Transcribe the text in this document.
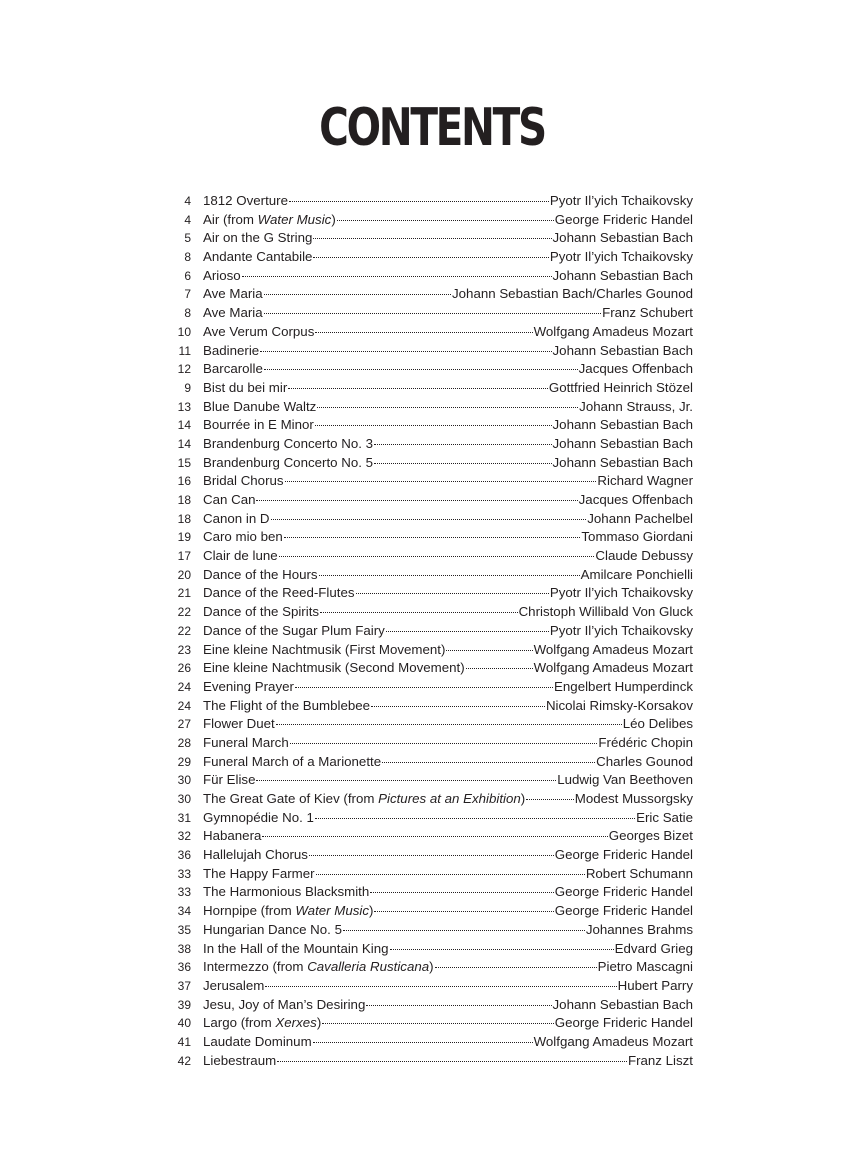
CONTENTS
4 1812 Overture	Pyotr Il’yich Tchaikovsky
4 Air (from Water Music)	George Frideric Handel
5 Air on the G String	Johann Sebastian Bach
8 Andante Cantabile	Pyotr Il’yich Tchaikovsky
6 Arioso	Johann Sebastian Bach
7 Ave Maria	Johann Sebastian Bach/Charles Gounod
8 Ave Maria	Franz Schubert
10 Ave Verum Corpus	Wolfgang Amadeus Mozart
11 Badinerie	Johann Sebastian Bach
12 Barcarolle	Jacques Offenbach
9 Bist du bei mir	Gottfried Heinrich Stözel
13 Blue Danube Waltz	Johann Strauss, Jr.
14 Bourrée in E Minor	Johann Sebastian Bach
14 Brandenburg Concerto No. 3	Johann Sebastian Bach
15 Brandenburg Concerto No. 5	Johann Sebastian Bach
16 Bridal Chorus	Richard Wagner
18 Can Can	Jacques Offenbach
18 Canon in D	Johann Pachelbel
19 Caro mio ben	Tommaso Giordani
17 Clair de lune	Claude Debussy
20 Dance of the Hours	Amilcare Ponchielli
21 Dance of the Reed-Flutes	Pyotr Il’yich Tchaikovsky
22 Dance of the Spirits	Christoph Willibald Von Gluck
22 Dance of the Sugar Plum Fairy	Pyotr Il’yich Tchaikovsky
23 Eine kleine Nachtmusik (First Movement)	Wolfgang Amadeus Mozart
26 Eine kleine Nachtmusik (Second Movement)	Wolfgang Amadeus Mozart
24 Evening Prayer	Engelbert Humperdinck
24 The Flight of the Bumblebee	Nicolai Rimsky-Korsakov
27 Flower Duet	Léo Delibes
28 Funeral March	Frédéric Chopin
29 Funeral March of a Marionette	Charles Gounod
30 Für Elise	Ludwig Van Beethoven
30 The Great Gate of Kiev (from Pictures at an Exhibition)	Modest Mussorgsky
31 Gymnopédie No. 1	Eric Satie
32 Habanera	Georges Bizet
36 Hallelujah Chorus	George Frideric Handel
33 The Happy Farmer	Robert Schumann
33 The Harmonious Blacksmith	George Frideric Handel
34 Hornpipe (from Water Music)	George Frideric Handel
35 Hungarian Dance No. 5	Johannes Brahms
38 In the Hall of the Mountain King	Edvard Grieg
36 Intermezzo (from Cavalleria Rusticana)	Pietro Mascagni
37 Jerusalem	Hubert Parry
39 Jesu, Joy of Man’s Desiring	Johann Sebastian Bach
40 Largo (from Xerxes)	George Frideric Handel
41 Laudate Dominum	Wolfgang Amadeus Mozart
42 Liebestraum	Franz Liszt
